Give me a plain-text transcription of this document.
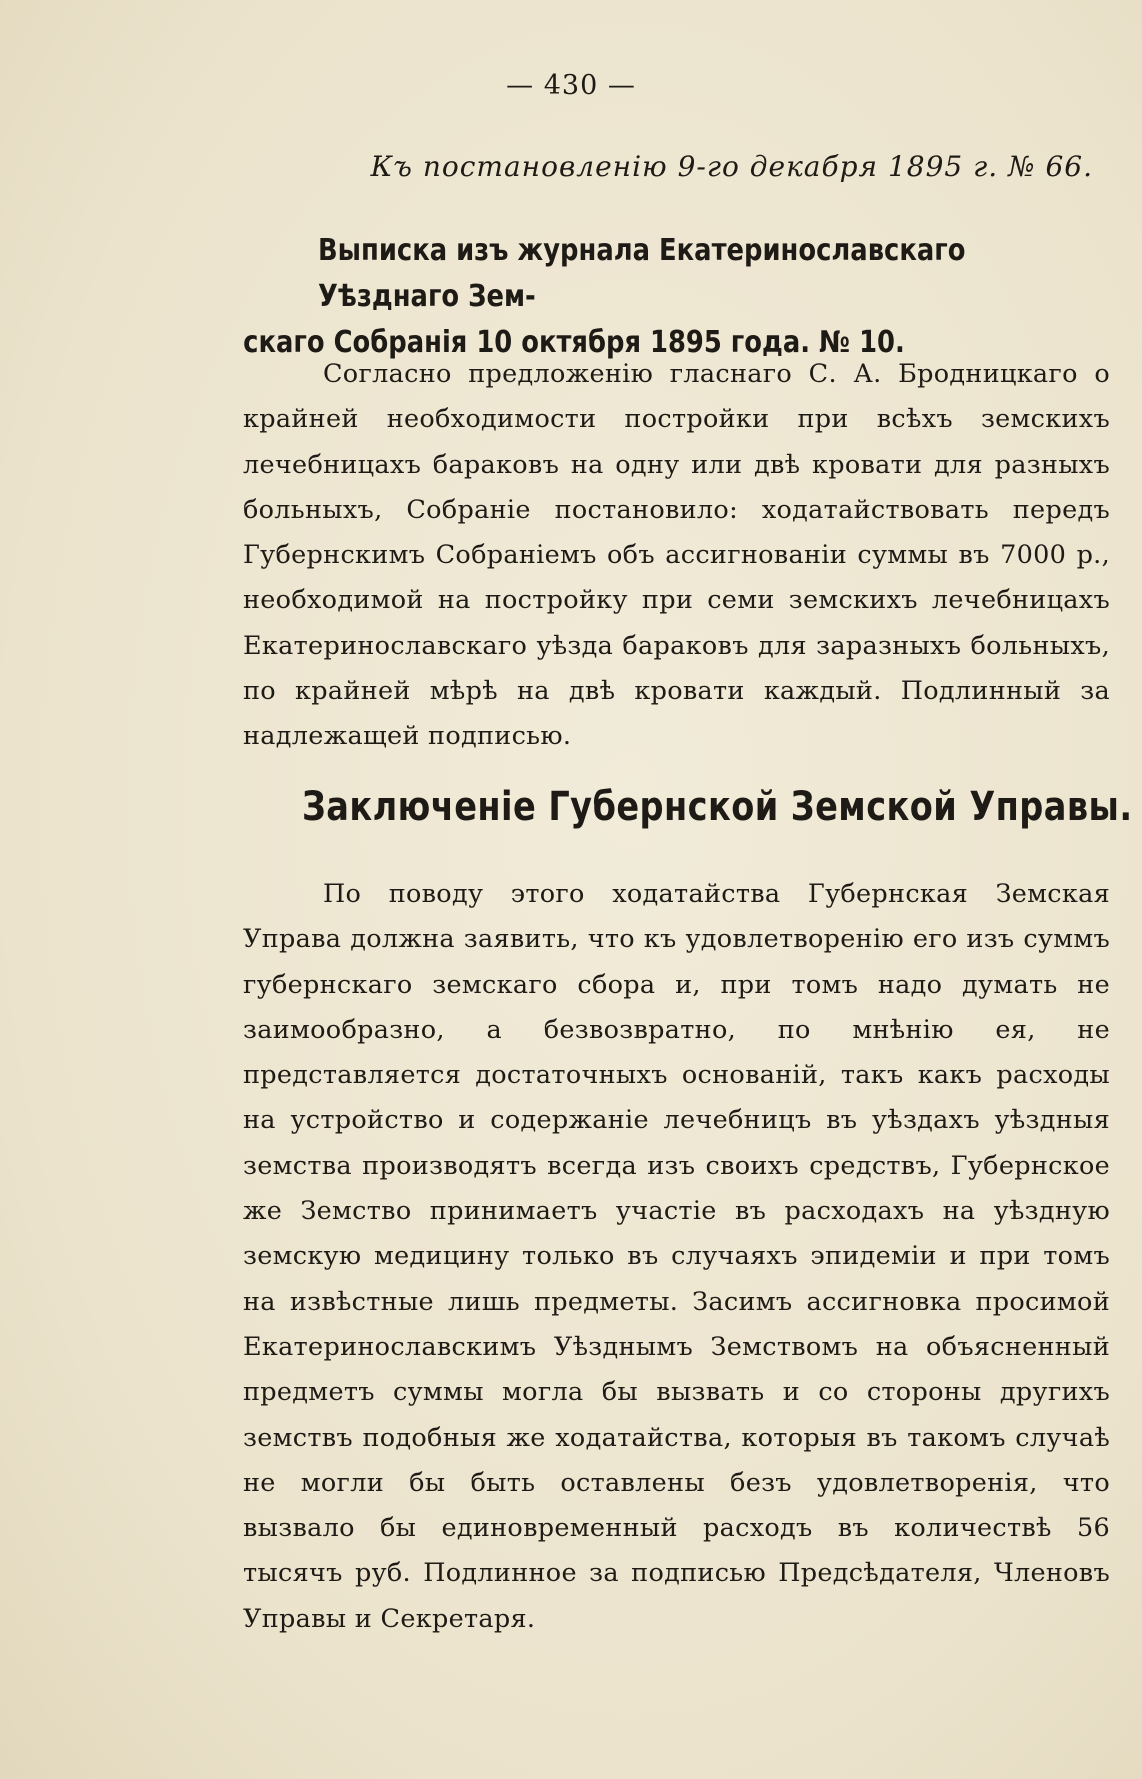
— 430 —
Къ постановленію 9-го декабря 1895 г. № 66.
Выписка изъ журнала Екатеринославскаго Уѣзднаго Зем-
скаго Собранія 10 октября 1895 года. № 10.

Согласно предложенію гласнаго С. А. Бродницкаго о крайней необходимости постройки при всѣхъ земскихъ лечебницахъ бараковъ на одну или двѣ кровати для разныхъ больныхъ, Собраніе постановило: ходатайствовать передъ Губернскимъ Собраніемъ объ ассигнованіи суммы въ 7000 р., необходимой на постройку при семи земскихъ лечебницахъ Екатеринославскаго уѣзда бараковъ для заразныхъ больныхъ, по крайней мѣрѣ на двѣ кровати каждый. Подлинный за надлежащей подписью.

Заключеніе Губернской Земской Управы.

По поводу этого ходатайства Губернская Земская Управа должна заявить, что къ удовлетворенію его изъ суммъ губернскаго земскаго сбора и, при томъ надо думать не заимообразно, а безвозвратно, по мнѣнію ея, не представляется достаточныхъ основаній, такъ какъ расходы на устройство и содержаніе лечебницъ въ уѣздахъ уѣздныя земства производятъ всегда изъ своихъ средствъ, Губернское же Земство принимаетъ участіе въ расходахъ на уѣздную земскую медицину только въ случаяхъ эпидеміи и при томъ на извѣстные лишь предметы. Засимъ ассигновка просимой Екатеринославскимъ Уѣзднымъ Земствомъ на объясненный предметъ суммы могла бы вызвать и со стороны другихъ земствъ подобныя же ходатайства, которыя въ такомъ случаѣ не могли бы быть оставлены безъ удовлетворенія, что вызвало бы единовременный расходъ въ количествѣ 56 тысячъ руб. Подлинное за подписью Предсѣдателя, Членовъ Управы и Секретаря.
